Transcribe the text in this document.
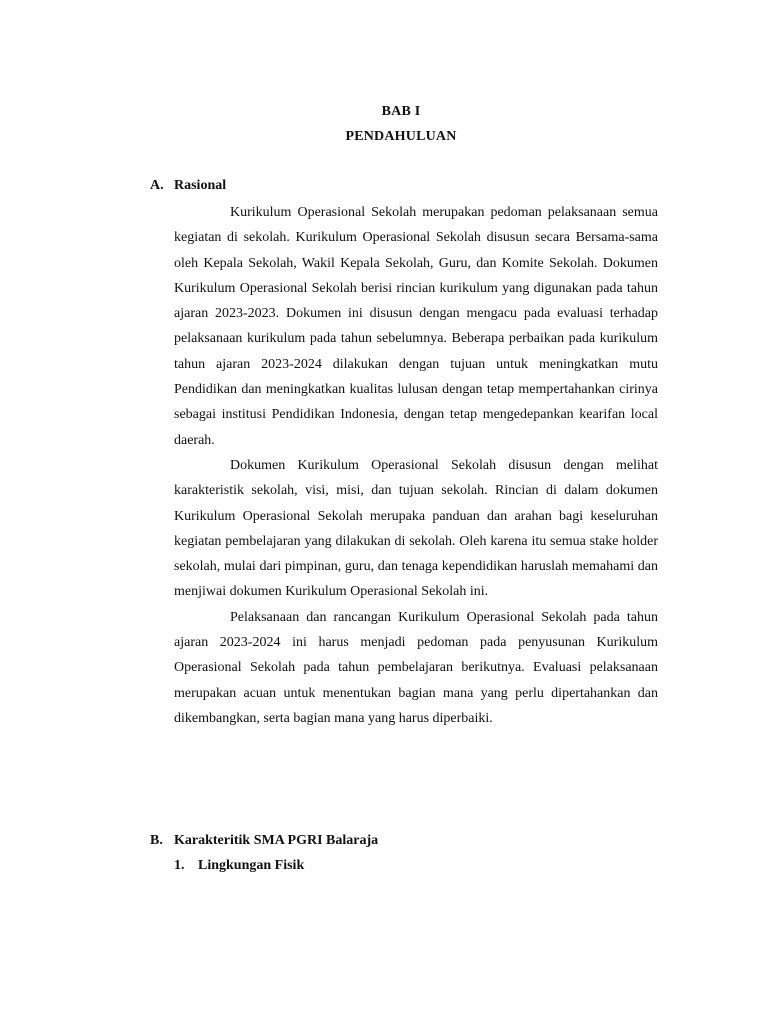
BAB I
PENDAHULUAN
A. Rasional

Kurikulum Operasional Sekolah merupakan pedoman pelaksanaan semua kegiatan di sekolah. Kurikulum Operasional Sekolah disusun secara Bersama-sama oleh Kepala Sekolah, Wakil Kepala Sekolah, Guru, dan Komite Sekolah. Dokumen Kurikulum Operasional Sekolah berisi rincian kurikulum yang digunakan pada tahun ajaran 2023-2023. Dokumen ini disusun dengan mengacu pada evaluasi terhadap pelaksanaan kurikulum pada tahun sebelumnya. Beberapa perbaikan pada kurikulum tahun ajaran 2023-2024 dilakukan dengan tujuan untuk meningkatkan mutu Pendidikan dan meningkatkan kualitas lulusan dengan tetap mempertahankan cirinya sebagai institusi Pendidikan Indonesia, dengan tetap mengedepankan kearifan local daerah.

Dokumen Kurikulum Operasional Sekolah disusun dengan melihat karakteristik sekolah, visi, misi, dan tujuan sekolah. Rincian di dalam dokumen Kurikulum Operasional Sekolah merupaka panduan dan arahan bagi keseluruhan kegiatan pembelajaran yang dilakukan di sekolah. Oleh karena itu semua stake holder sekolah, mulai dari pimpinan, guru, dan tenaga kependidikan haruslah memahami dan menjiwai dokumen Kurikulum Operasional Sekolah ini.

Pelaksanaan dan rancangan Kurikulum Operasional Sekolah pada tahun ajaran 2023-2024 ini harus menjadi pedoman pada penyusunan Kurikulum Operasional Sekolah pada tahun pembelajaran berikutnya. Evaluasi pelaksanaan merupakan acuan untuk menentukan bagian mana yang perlu dipertahankan dan dikembangkan, serta bagian mana yang harus diperbaiki.

B. Karakteritik SMA PGRI Balaraja
1. Lingkungan Fisik
